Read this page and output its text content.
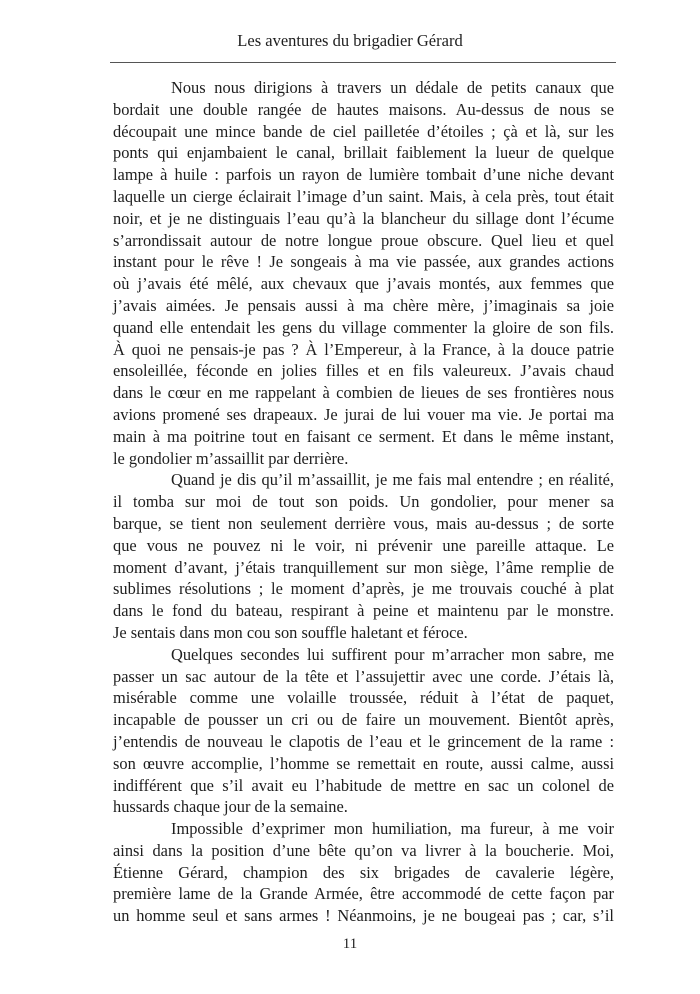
Les aventures du brigadier Gérard
Nous nous dirigions à travers un dédale de petits canaux que
bordait une double rangée de hautes maisons. Au-dessus de nous se
découpait une mince bande de ciel pailletée d’étoiles ; çà et là, sur les
ponts qui enjambaient le canal, brillait faiblement la lueur de quelque
lampe à huile : parfois un rayon de lumière tombait d’une niche devant
laquelle un cierge éclairait l’image d’un saint. Mais, à cela près, tout était
noir, et je ne distinguais l’eau qu’à la blancheur du sillage dont l’écume
s’arrondissait autour de notre longue proue obscure. Quel lieu et quel
instant pour le rêve ! Je songeais à ma vie passée, aux grandes actions
où j’avais été mêlé, aux chevaux que j’avais montés, aux femmes que
j’avais aimées. Je pensais aussi à ma chère mère, j’imaginais sa joie
quand elle entendait les gens du village commenter la gloire de son fils.
À quoi ne pensais-je pas ? À l’Empereur, à la France, à la douce patrie
ensoleillée, féconde en jolies filles et en fils valeureux. J’avais chaud
dans le cœur en me rappelant à combien de lieues de ses frontières nous
avions promené ses drapeaux. Je jurai de lui vouer ma vie. Je portai ma
main à ma poitrine tout en faisant ce serment. Et dans le même instant,
le gondolier m’assaillit par derrière.
Quand je dis qu’il m’assaillit, je me fais mal entendre ; en réalité,
il tomba sur moi de tout son poids. Un gondolier, pour mener sa
barque, se tient non seulement derrière vous, mais au-dessus ; de sorte
que vous ne pouvez ni le voir, ni prévenir une pareille attaque. Le
moment d’avant, j’étais tranquillement sur mon siège, l’âme remplie de
sublimes résolutions ; le moment d’après, je me trouvais couché à plat
dans le fond du bateau, respirant à peine et maintenu par le monstre.
Je sentais dans mon cou son souffle haletant et féroce.
Quelques secondes lui suffirent pour m’arracher mon sabre, me
passer un sac autour de la tête et l’assujettir avec une corde. J’étais là,
misérable comme une volaille troussée, réduit à l’état de paquet,
incapable de pousser un cri ou de faire un mouvement. Bientôt après,
j’entendis de nouveau le clapotis de l’eau et le grincement de la rame :
son œuvre accomplie, l’homme se remettait en route, aussi calme, aussi
indifférent que s’il avait eu l’habitude de mettre en sac un colonel de
hussards chaque jour de la semaine.
Impossible d’exprimer mon humiliation, ma fureur, à me voir
ainsi dans la position d’une bête qu’on va livrer à la boucherie. Moi,
Étienne Gérard, champion des six brigades de cavalerie légère,
première lame de la Grande Armée, être accommodé de cette façon par
un homme seul et sans armes ! Néanmoins, je ne bougeai pas ; car, s’il
11
